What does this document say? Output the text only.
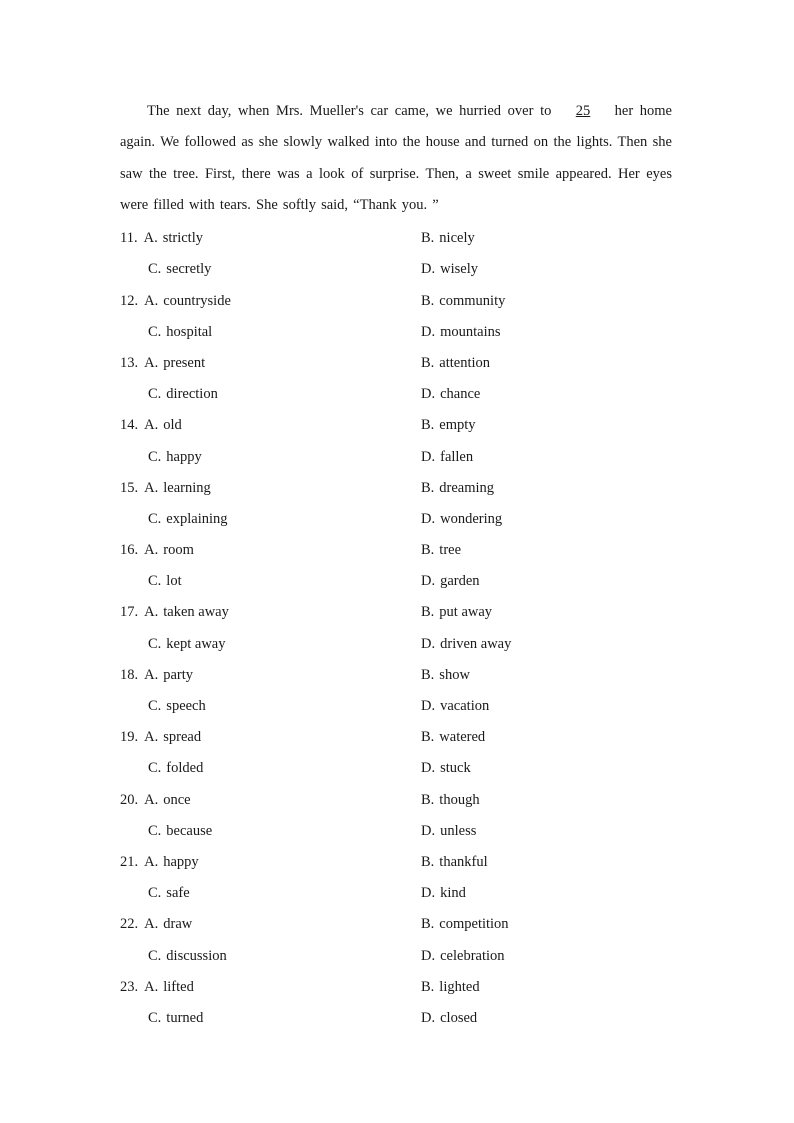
The next day, when Mrs. Mueller's car came, we hurried over to 25 her home again. We followed as she slowly walked into the house and turned on the lights. Then she saw the tree. First, there was a look of surprise. Then, a sweet smile appeared. Her eyes were filled with tears. She softly said, “Thank you. ”

11. A. strictly	B. nicely
C. secretly	D. wisely
12. A. countryside	B. community
C. hospital	D. mountains
13. A. present	B. attention
C. direction	D. chance
14. A. old	B. empty
C. happy	D. fallen
15. A. learning	B. dreaming
C. explaining	D. wondering
16. A. room	B. tree
C. lot	D. garden
17. A. taken away	B. put away
C. kept away	D. driven away
18. A. party	B. show
C. speech	D. vacation
19. A. spread	B. watered
C. folded	D. stuck
20. A. once	B. though
C. because	D. unless
21. A. happy	B. thankful
C. safe	D. kind
22. A. draw	B. competition
C. discussion	D. celebration
23. A. lifted	B. lighted
C. turned	D. closed
